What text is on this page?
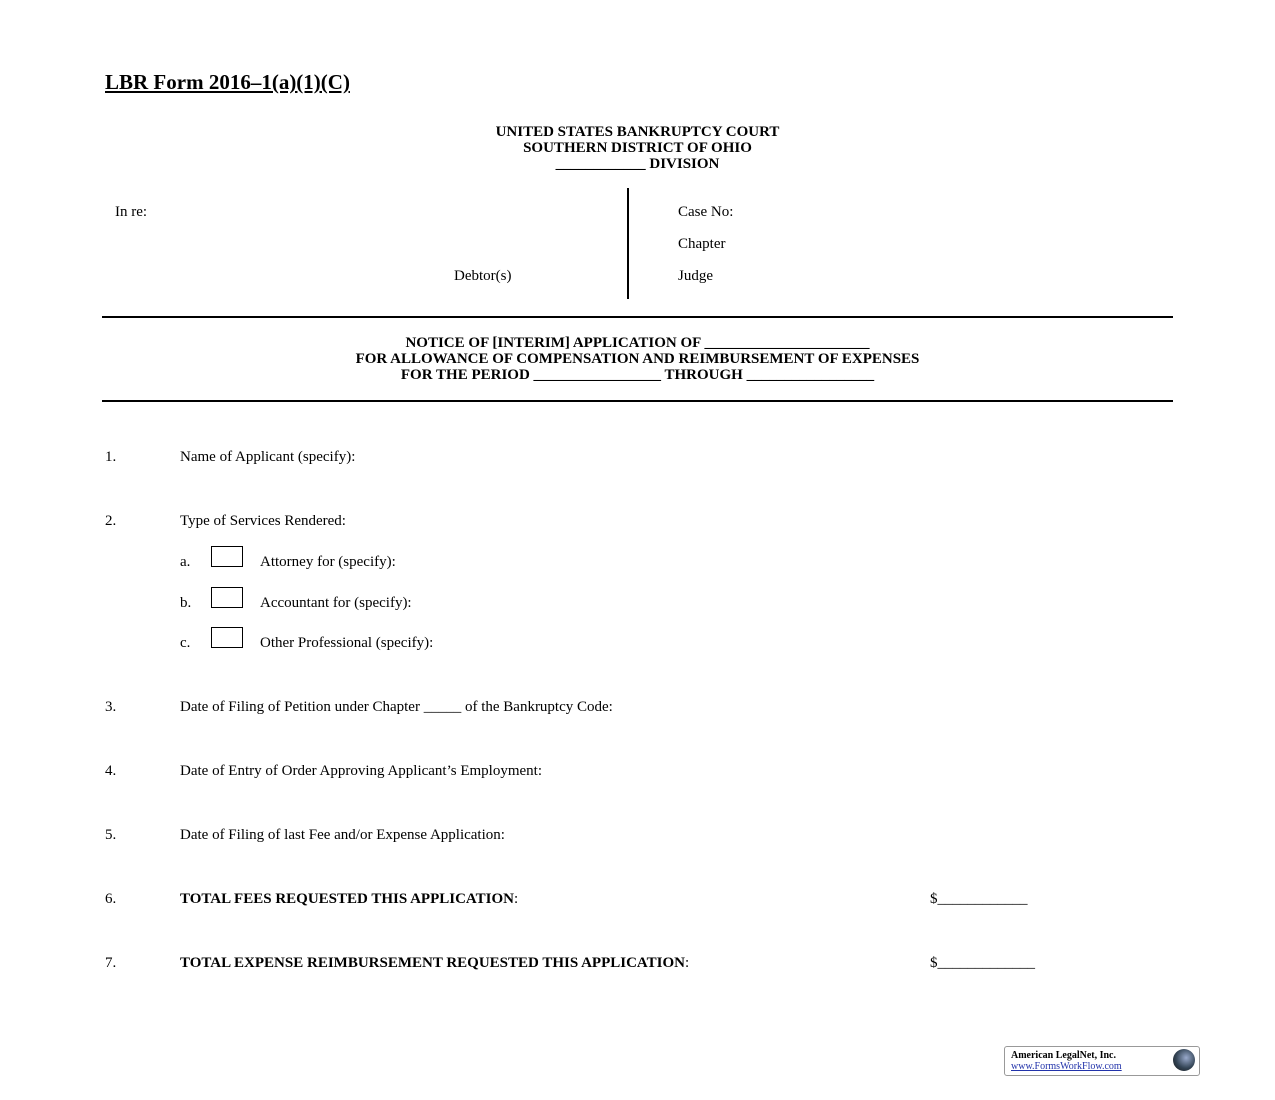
LBR Form 2016–1(a)(1)(C)
UNITED STATES BANKRUPTCY COURT
SOUTHERN DISTRICT OF OHIO
____________ DIVISION
In re:
Debtor(s)
Case No:
Chapter
Judge
NOTICE OF [INTERIM] APPLICATION OF ______________________
FOR ALLOWANCE OF COMPENSATION AND REIMBURSEMENT OF EXPENSES
FOR THE PERIOD _________________ THROUGH _________________
1.	Name of Applicant (specify):
2.	Type of Services Rendered:
a.	Attorney for (specify):
b.	Accountant for (specify):
c.	Other Professional (specify):
3.	Date of Filing of Petition under Chapter _____ of the Bankruptcy Code:
4.	Date of Entry of Order Approving Applicant’s Employment:
5.	Date of Filing of last Fee and/or Expense Application:
6.	TOTAL FEES REQUESTED THIS APPLICATION:	$____________
7.	TOTAL EXPENSE REIMBURSEMENT REQUESTED THIS APPLICATION:	$_____________
American LegalNet, Inc.
www.FormsWorkFlow.com
